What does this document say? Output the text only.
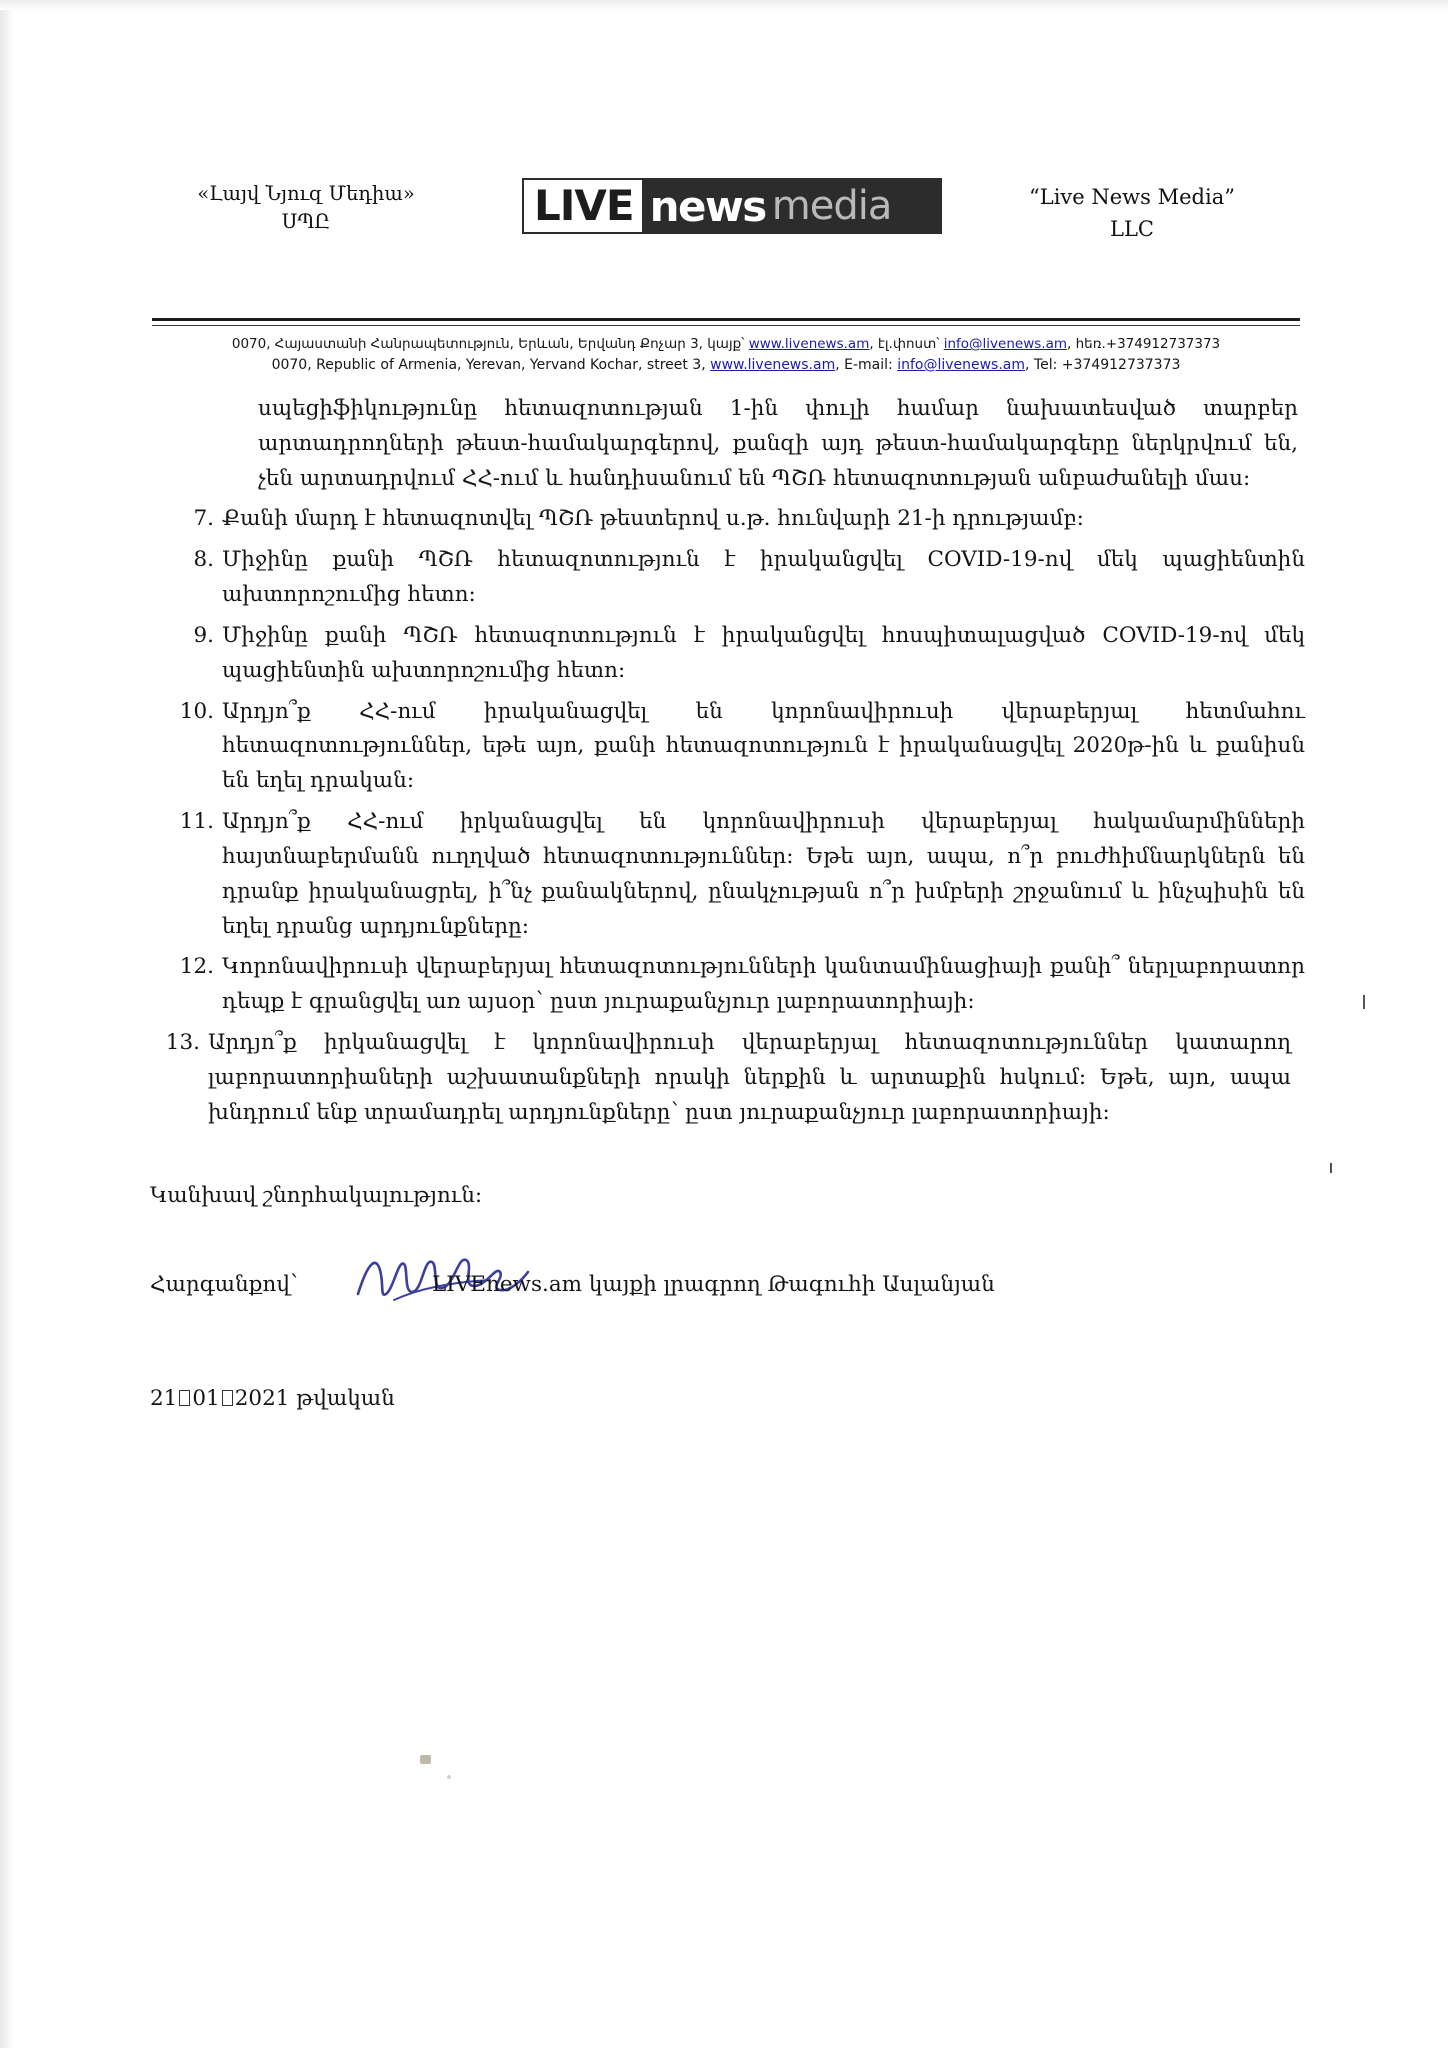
«Լայվ Նյուզ Մեդիա»
ՍՊԸ	LIVE news media	“Live News Media”
LLC
0070, Հայաստանի Հանրապետություն, Երևան, Երվանդ Քոչար 3, կայք՝ www.livenews.am, էլ.փոստ՝ info@livenews.am, հեռ.+374912737373
0070, Republic of Armenia, Yerevan, Yervand Kochar, street 3, www.livenews.am, E-mail: info@livenews.am, Tel: +374912737373

սպեցիֆիկությունը հետազոտության 1-ին փուլի համար նախատեսված տարբեր արտադրողների թեստ-համակարգերով, քանզի այդ թեստ-համակարգերը ներկրվում են, չեն արտադրվում ՀՀ-ում և հանդիսանում են ՊՇՌ հետազոտության անբաժանելի մաս:

7. Քանի մարդ է հետազոտվել ՊՇՌ թեստերով ս.թ. հունվարի 21-ի դրությամբ:
8. Միջինը քանի ՊՇՌ հետազոտություն է իրականցվել COVID-19-ով մեկ պացիենտին ախտորոշումից հետո:
9. Միջինը քանի ՊՇՌ հետազոտություն է իրականցվել հոսպիտալացված COVID-19-ով մեկ պացիենտին ախտորոշումից հետո:
10. Արդյո՞ք ՀՀ-ում իրականացվել են կորոնավիրուսի վերաբերյալ հետմահու հետազոտություններ, եթե այո, քանի հետազոտություն է իրականացվել 2020թ-ին և քանիսն են եղել դրական:
11. Արդյո՞ք ՀՀ-ում իրկանացվել են կորոնավիրուսի վերաբերյալ հակամարմինների հայտնաբերմանն ուղղված հետազոտություններ: Եթե այո, ապա, ո՞ր բուժհիմնարկներն են դրանք իրականացրել, ի՞նչ քանակներով, ընակչության ո՞ր խմբերի շրջանում և ինչպիսին են եղել դրանց արդյունքները:
12. Կորոնավիրուսի վերաբերյալ հետազոտությունների կանտամինացիայի քանի՞ ներլաբորատոր դեպք է գրանցվել առ այսօր՝ ըստ յուրաքանչյուր լաբորատորիայի:
13. Արդյո՞ք իրկանացվել է կորոնավիրուսի վերաբերյալ հետազոտություններ կատարող լաբորատորիաների աշխատանքների որակի ներքին և արտաքին հսկում: Եթե, այո, ապա խնդրում ենք տրամադրել արդյունքները՝ ըստ յուրաքանչյուր լաբորատորիայի:

Կանխավ շնորհակալություն:

Հարգանքով՝	LIVEnews.am կայքի լրագրող Թագուհի Ասլանյան

21 01 2021 թվական
